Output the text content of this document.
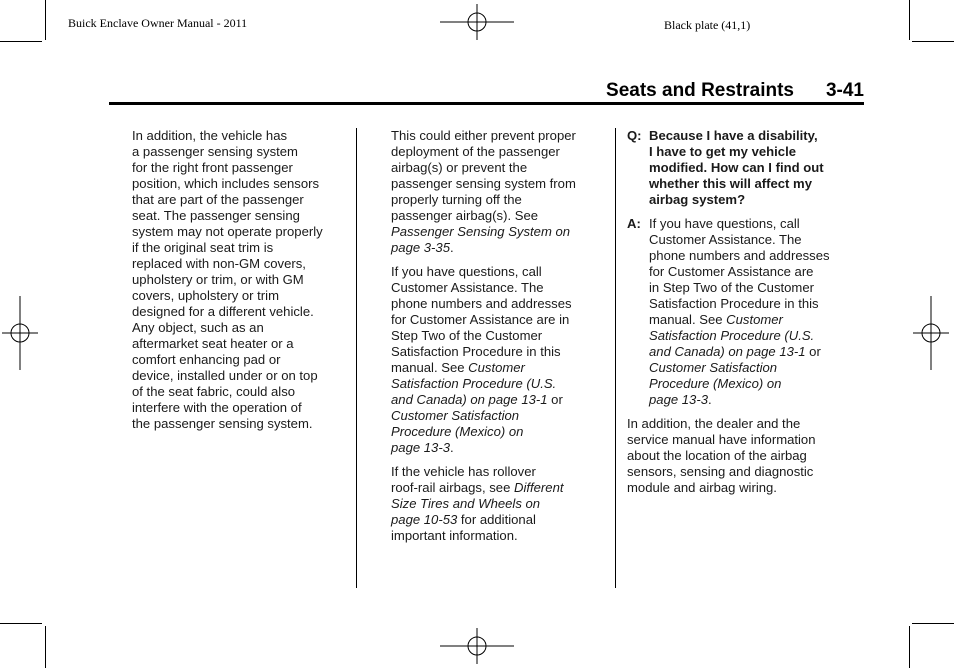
Buick Enclave Owner Manual - 2011	Black plate (41,1)
Seats and Restraints 3-41

In addition, the vehicle has
a passenger sensing system
for the right front passenger
position, which includes sensors
that are part of the passenger
seat. The passenger sensing
system may not operate properly
if the original seat trim is
replaced with non-GM covers,
upholstery or trim, or with GM
covers, upholstery or trim
designed for a different vehicle.
Any object, such as an
aftermarket seat heater or a
comfort enhancing pad or
device, installed under or on top
of the seat fabric, could also
interfere with the operation of
the passenger sensing system.

This could either prevent proper
deployment of the passenger
airbag(s) or prevent the
passenger sensing system from
properly turning off the
passenger airbag(s). See
Passenger Sensing System on
page 3-35.

If you have questions, call
Customer Assistance. The
phone numbers and addresses
for Customer Assistance are in
Step Two of the Customer
Satisfaction Procedure in this
manual. See Customer
Satisfaction Procedure (U.S.
and Canada) on page 13-1 or
Customer Satisfaction
Procedure (Mexico) on
page 13-3.

If the vehicle has rollover
roof-rail airbags, see Different
Size Tires and Wheels on
page 10-53 for additional
important information.

Q: Because I have a disability,
I have to get my vehicle
modified. How can I find out
whether this will affect my
airbag system?
A: If you have questions, call
Customer Assistance. The
phone numbers and addresses
for Customer Assistance are
in Step Two of the Customer
Satisfaction Procedure in this
manual. See Customer
Satisfaction Procedure (U.S.
and Canada) on page 13-1 or
Customer Satisfaction
Procedure (Mexico) on
page 13-3.

In addition, the dealer and the
service manual have information
about the location of the airbag
sensors, sensing and diagnostic
module and airbag wiring.
